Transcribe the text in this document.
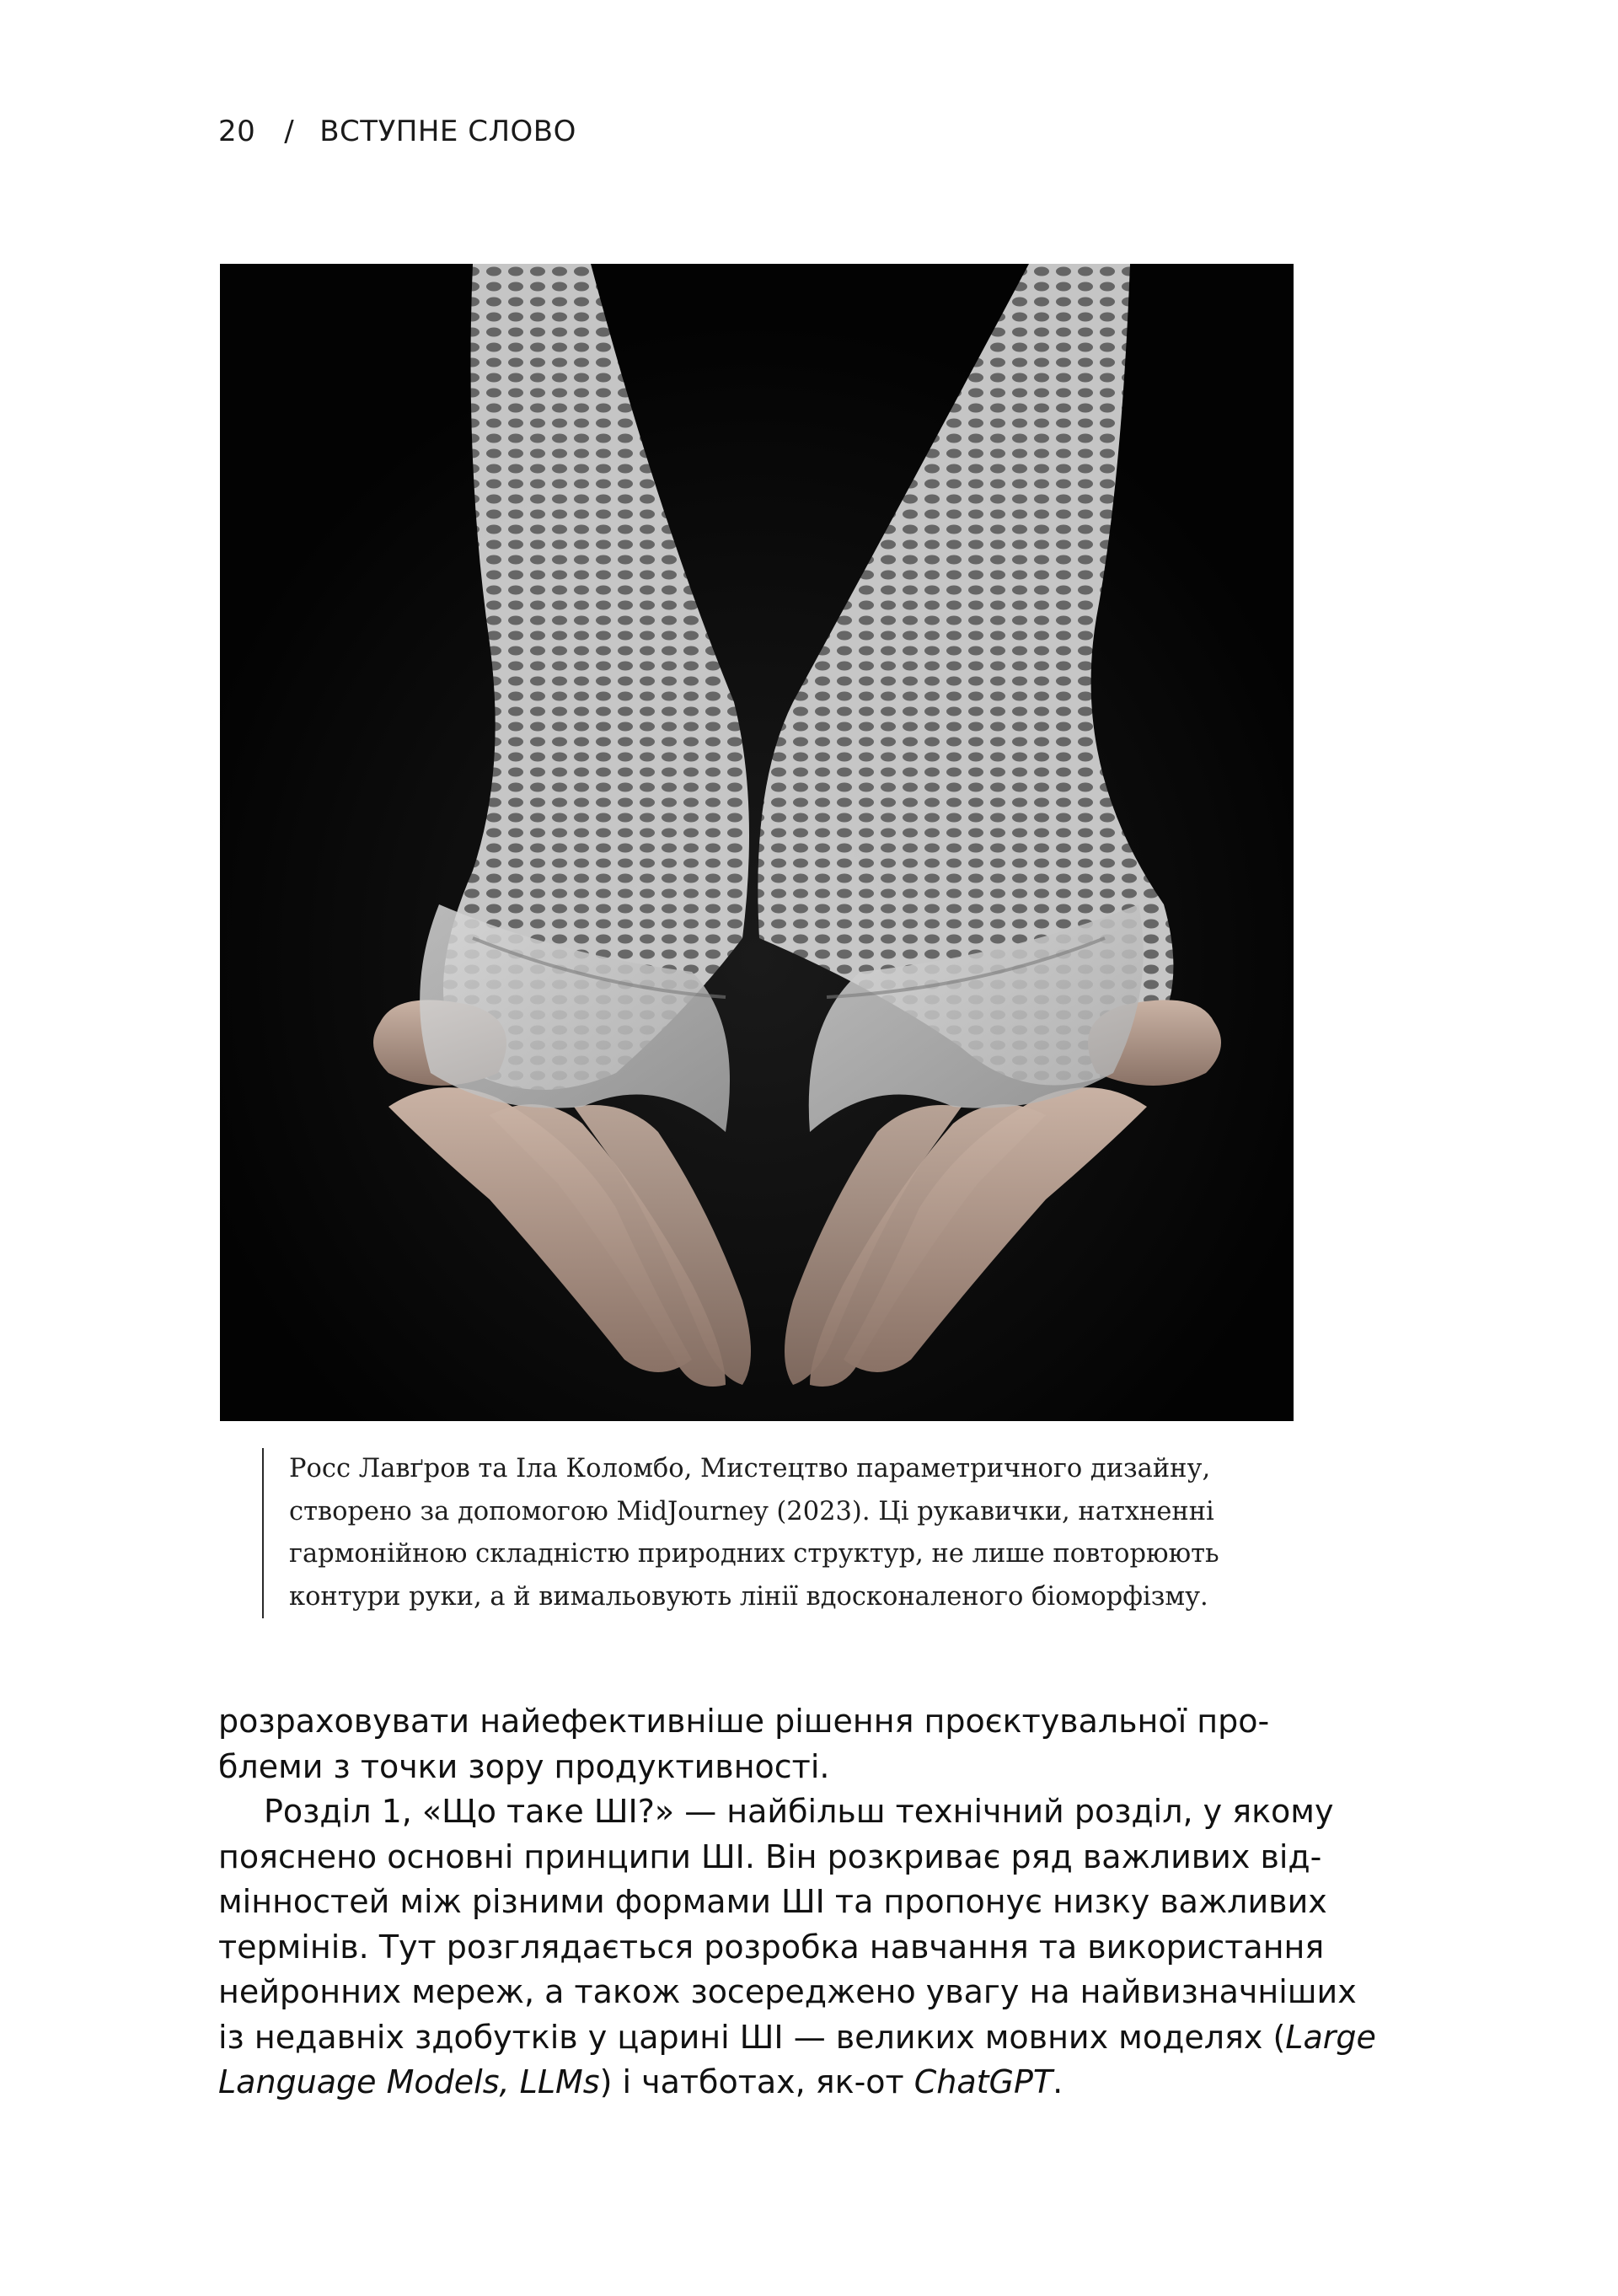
20 / ВСТУПНЕ СЛОВО
Росс Лавґров та Іла Коломбо, Мистецтво параметричного дизайну,
створено за допомогою MidJourney (2023). Ці рукавички, натхненні
гармонійною складністю природних структур, не лише повторюють
контури руки, а й вимальовують лінії вдосконаленого біоморфізму.
розраховувати найефективніше рішення проєктувальної про-
блеми з точки зору продуктивності.
Розділ 1, «Що таке ШІ?» — найбільш технічний розділ, у якому
пояснено основні принципи ШІ. Він розкриває ряд важливих від-
мінностей між різними формами ШІ та пропонує низку важливих
термінів. Тут розглядається розробка навчання та використання
нейронних мереж, а також зосереджено увагу на найвизначніших
із недавніх здобутків у царині ШІ — великих мовних моделях (Large
Language Models, LLMs) і чатботах, як-от ChatGPT.
